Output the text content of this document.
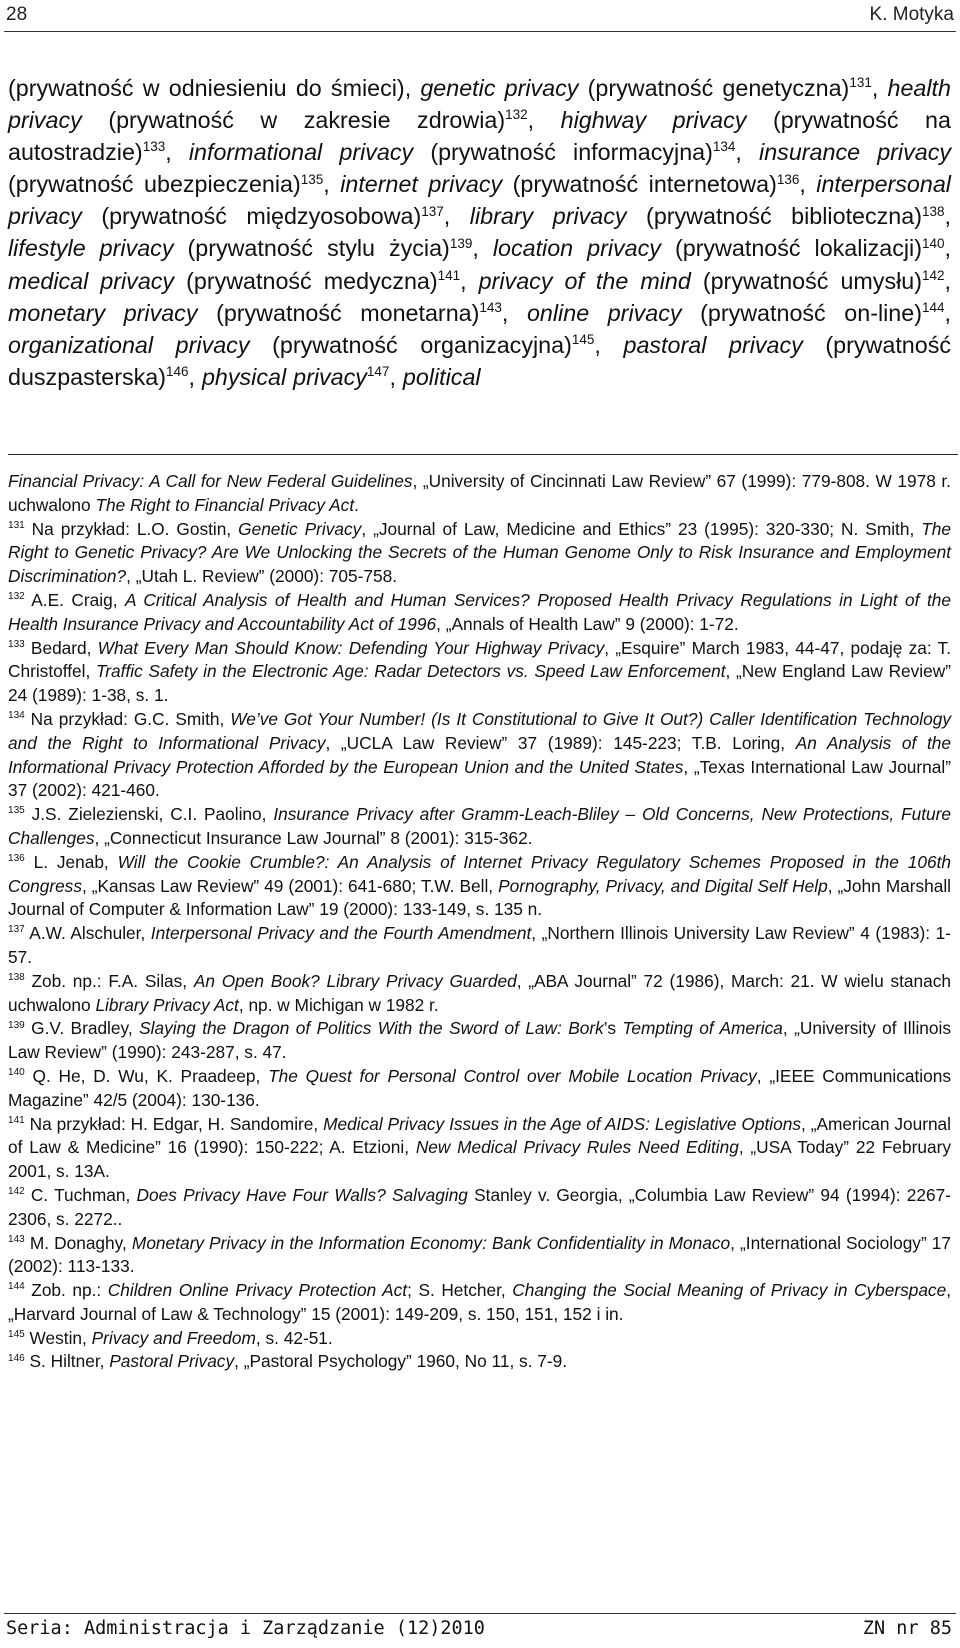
28	K. Motyka
(prywatność w odniesieniu do śmieci), genetic privacy (prywatność genetyczna)$^{131}$, health privacy (prywatność w zakresie zdrowia)$^{132}$, highway privacy (prywatność na autostradzie)$^{133}$, informational privacy (prywatność informacyjna)$^{134}$, insurance privacy (prywatność ubezpieczenia)$^{135}$, internet privacy (prywatność internetowa)$^{136}$, interpersonal privacy (prywatność międzyosobowa)$^{137}$, library privacy (prywatność biblioteczna)$^{138}$, lifestyle privacy (prywatność stylu życia)$^{139}$, location privacy (prywatność lokalizacji)$^{140}$, medical privacy (prywatność medyczna)$^{141}$, privacy of the mind (prywatność umysłu)$^{142}$, monetary privacy (prywatność monetarna)$^{143}$, online privacy (prywatność on-line)$^{144}$, organizational privacy (prywatność organizacyjna)$^{145}$, pastoral privacy (prywatność duszpasterska)$^{146}$, physical privacy$^{147}$, political

Financial Privacy: A Call for New Federal Guidelines, „University of Cincinnati Law Review” 67 (1999): 779-808. W 1978 r. uchwalono The Right to Financial Privacy Act.

$^{131}$ Na przykład: L.O. Gostin, Genetic Privacy, „Journal of Law, Medicine and Ethics” 23 (1995): 320-330; N. Smith, The Right to Genetic Privacy? Are We Unlocking the Secrets of the Human Genome Only to Risk Insurance and Employment Discrimination?, „Utah L. Review” (2000): 705-758.

$^{132}$ A.E. Craig, A Critical Analysis of Health and Human Services? Proposed Health Privacy Regulations in Light of the Health Insurance Privacy and Accountability Act of 1996, „Annals of Health Law” 9 (2000): 1-72.

$^{133}$ Bedard, What Every Man Should Know: Defending Your Highway Privacy, „Esquire” March 1983, 44-47, podaję za: T. Christoffel, Traffic Safety in the Electronic Age: Radar Detectors vs. Speed Law Enforcement, „New England Law Review” 24 (1989): 1-38, s. 1.

$^{134}$ Na przykład: G.C. Smith, We’ve Got Your Number! (Is It Constitutional to Give It Out?) Caller Identification Technology and the Right to Informational Privacy, „UCLA Law Review” 37 (1989): 145-223; T.B. Loring, An Analysis of the Informational Privacy Protection Afforded by the European Union and the United States, „Texas International Law Journal” 37 (2002): 421-460.

$^{135}$ J.S. Zielezienski, C.I. Paolino, Insurance Privacy after Gramm-Leach-Bliley – Old Concerns, New Protections, Future Challenges, „Connecticut Insurance Law Journal” 8 (2001): 315-362.

$^{136}$ L. Jenab, Will the Cookie Crumble?: An Analysis of Internet Privacy Regulatory Schemes Proposed in the 106th Congress, „Kansas Law Review” 49 (2001): 641-680; T.W. Bell, Pornography, Privacy, and Digital Self Help, „John Marshall Journal of Computer & Information Law” 19 (2000): 133-149, s. 135 n.

$^{137}$ A.W. Alschuler, Interpersonal Privacy and the Fourth Amendment, „Northern Illinois University Law Review” 4 (1983): 1-57.

$^{138}$ Zob. np.: F.A. Silas, An Open Book? Library Privacy Guarded, „ABA Journal” 72 (1986), March: 21. W wielu stanach uchwalono Library Privacy Act, np. w Michigan w 1982 r.

$^{139}$ G.V. Bradley, Slaying the Dragon of Politics With the Sword of Law: Bork’s Tempting of America, „University of Illinois Law Review” (1990): 243-287, s. 47.

$^{140}$ Q. He, D. Wu, K. Praadeep, The Quest for Personal Control over Mobile Location Privacy, „IEEE Communications Magazine” 42/5 (2004): 130-136.

$^{141}$ Na przykład: H. Edgar, H. Sandomire, Medical Privacy Issues in the Age of AIDS: Legislative Options, „American Journal of Law & Medicine” 16 (1990): 150-222; A. Etzioni, New Medical Privacy Rules Need Editing, „USA Today” 22 February 2001, s. 13A.

$^{142}$ C. Tuchman, Does Privacy Have Four Walls? Salvaging Stanley v. Georgia, „Columbia Law Review” 94 (1994): 2267-2306, s. 2272..

$^{143}$ M. Donaghy, Monetary Privacy in the Information Economy: Bank Confidentiality in Monaco, „International Sociology” 17 (2002): 113-133.

$^{144}$ Zob. np.: Children Online Privacy Protection Act; S. Hetcher, Changing the Social Meaning of Privacy in Cyberspace, „Harvard Journal of Law & Technology” 15 (2001): 149-209, s. 150, 151, 152 i in.

$^{145}$ Westin, Privacy and Freedom, s. 42-51.

$^{146}$ S. Hiltner, Pastoral Privacy, „Pastoral Psychology” 1960, No 11, s. 7-9.

Seria: Administracja i Zarządzanie (12)2010	ZN nr 85
